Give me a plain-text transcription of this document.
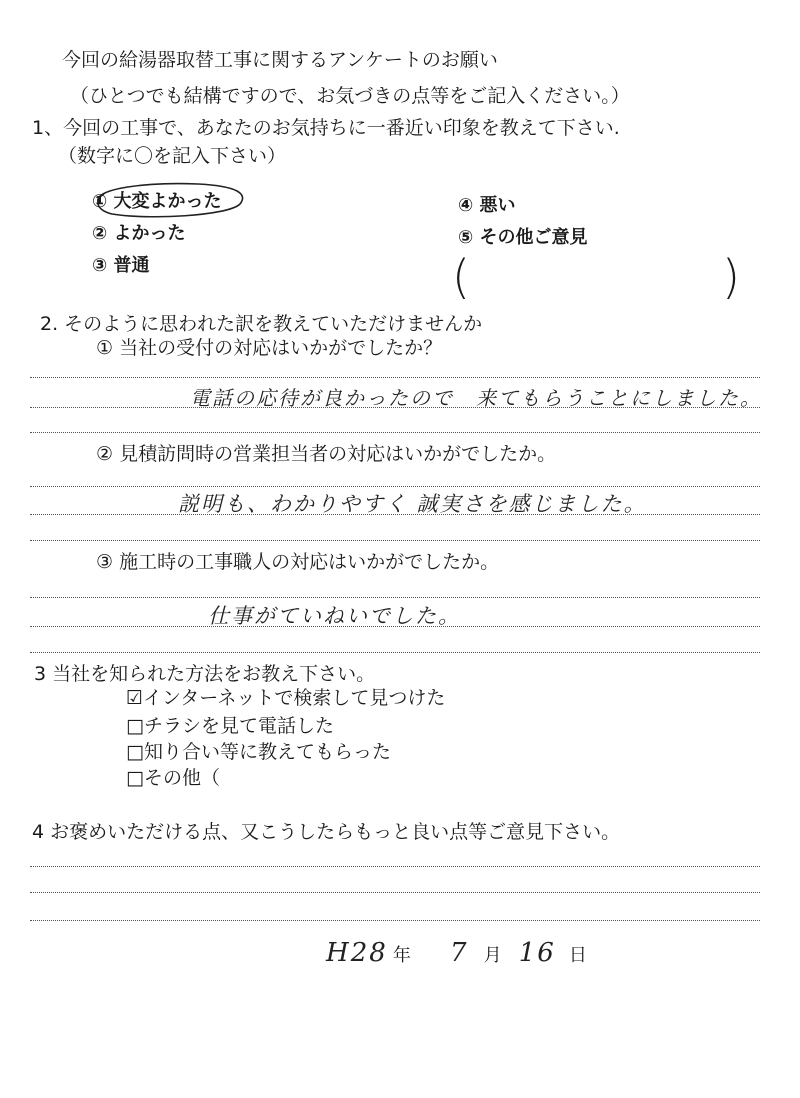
今回の給湯器取替工事に関するアンケートのお願い
（ひとつでも結構ですので、お気づきの点等をご記入ください。）
1、今回の工事で、あなたのお気持ちに一番近い印象を教えて下さい.
（数字に〇を記入下さい）
① 大変よかった
② よかった
③ 普通
④ 悪い
⑤ その他ご意見
(	)
2. そのように思われた訳を教えていただけませんか
① 当社の受付の対応はいかがでしたか？
電話の応待が良かったので　来てもらうことにしました。
② 見積訪問時の営業担当者の対応はいかがでしたか。
説明も、わかりやすく 誠実さを感じました。
③ 施工時の工事職人の対応はいかがでしたか。
仕事がていねいでした。
3 当社を知られた方法をお教え下さい。
☑インターネットで検索して見つけた
□チラシを見て電話した
□知り合い等に教えてもらった
□その他（
4 お褒めいただける点、又こうしたらもっと良い点等ご意見下さい。
H28 年 7 月 16 日
